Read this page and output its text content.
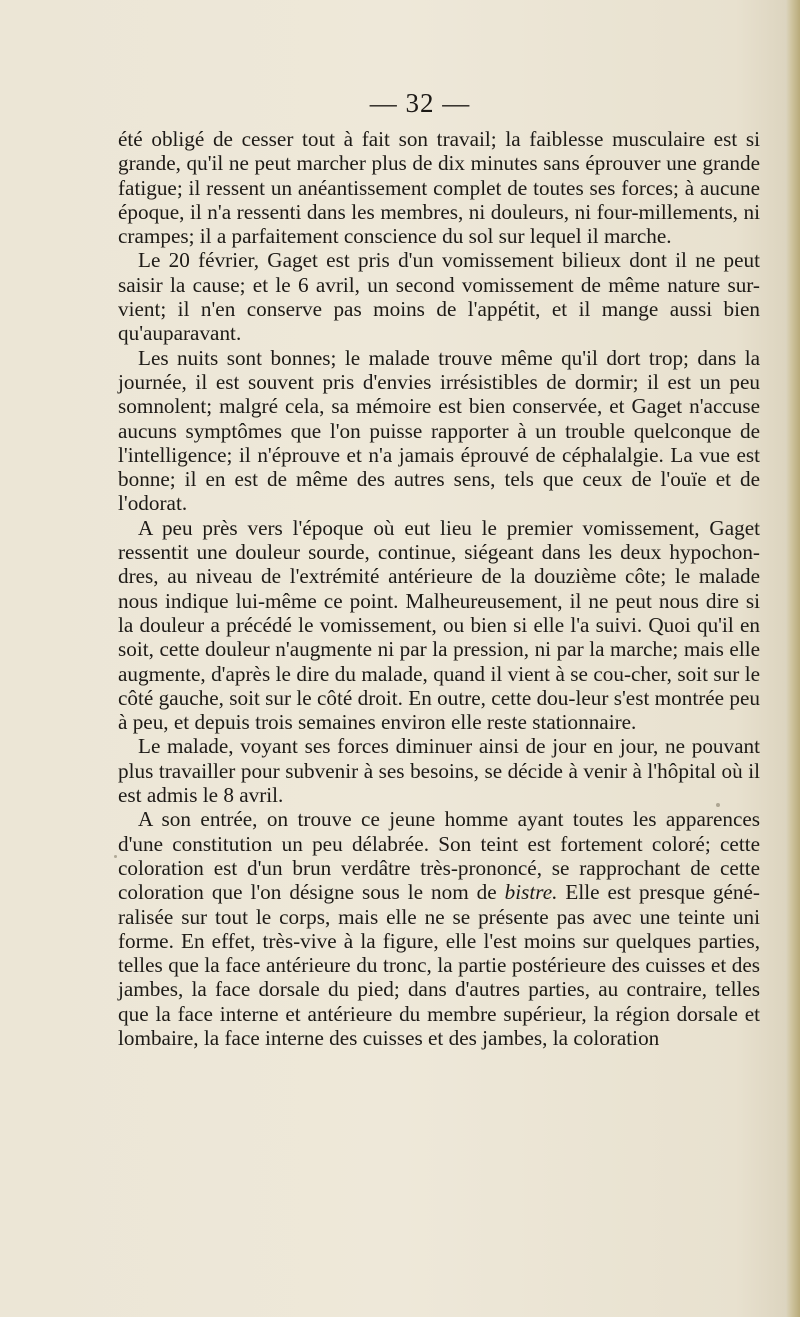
— 32 —

été obligé de cesser tout à fait son travail; la faiblesse musculaire est si grande, qu'il ne peut marcher plus de dix minutes sans éprouver une grande fatigue; il ressent un anéantissement complet de toutes ses forces; à aucune époque, il n'a ressenti dans les membres, ni douleurs, ni four-millements, ni crampes; il a parfaitement conscience du sol sur lequel il marche.

Le 20 février, Gaget est pris d'un vomissement bilieux dont il ne peut saisir la cause; et le 6 avril, un second vomissement de même nature sur-vient; il n'en conserve pas moins de l'appétit, et il mange aussi bien qu'auparavant.

Les nuits sont bonnes; le malade trouve même qu'il dort trop; dans la journée, il est souvent pris d'envies irrésistibles de dormir; il est un peu somnolent; malgré cela, sa mémoire est bien conservée, et Gaget n'accuse aucuns symptômes que l'on puisse rapporter à un trouble quelconque de l'intelligence; il n'éprouve et n'a jamais éprouvé de céphalalgie. La vue est bonne; il en est de même des autres sens, tels que ceux de l'ouïe et de l'odorat.

A peu près vers l'époque où eut lieu le premier vomissement, Gaget ressentit une douleur sourde, continue, siégeant dans les deux hypochon-dres, au niveau de l'extrémité antérieure de la douzième côte; le malade nous indique lui-même ce point. Malheureusement, il ne peut nous dire si la douleur a précédé le vomissement, ou bien si elle l'a suivi. Quoi qu'il en soit, cette douleur n'augmente ni par la pression, ni par la marche; mais elle augmente, d'après le dire du malade, quand il vient à se cou-cher, soit sur le côté gauche, soit sur le côté droit. En outre, cette dou-leur s'est montrée peu à peu, et depuis trois semaines environ elle reste stationnaire.

Le malade, voyant ses forces diminuer ainsi de jour en jour, ne pouvant plus travailler pour subvenir à ses besoins, se décide à venir à l'hôpital où il est admis le 8 avril.

A son entrée, on trouve ce jeune homme ayant toutes les apparences d'une constitution un peu délabrée. Son teint est fortement coloré; cette coloration est d'un brun verdâtre très-prononcé, se rapprochant de cette coloration que l'on désigne sous le nom de bistre. Elle est presque géné-ralisée sur tout le corps, mais elle ne se présente pas avec une teinte uni forme. En effet, très-vive à la figure, elle l'est moins sur quelques parties, telles que la face antérieure du tronc, la partie postérieure des cuisses et des jambes, la face dorsale du pied; dans d'autres parties, au contraire, telles que la face interne et antérieure du membre supérieur, la région dorsale et lombaire, la face interne des cuisses et des jambes, la coloration
